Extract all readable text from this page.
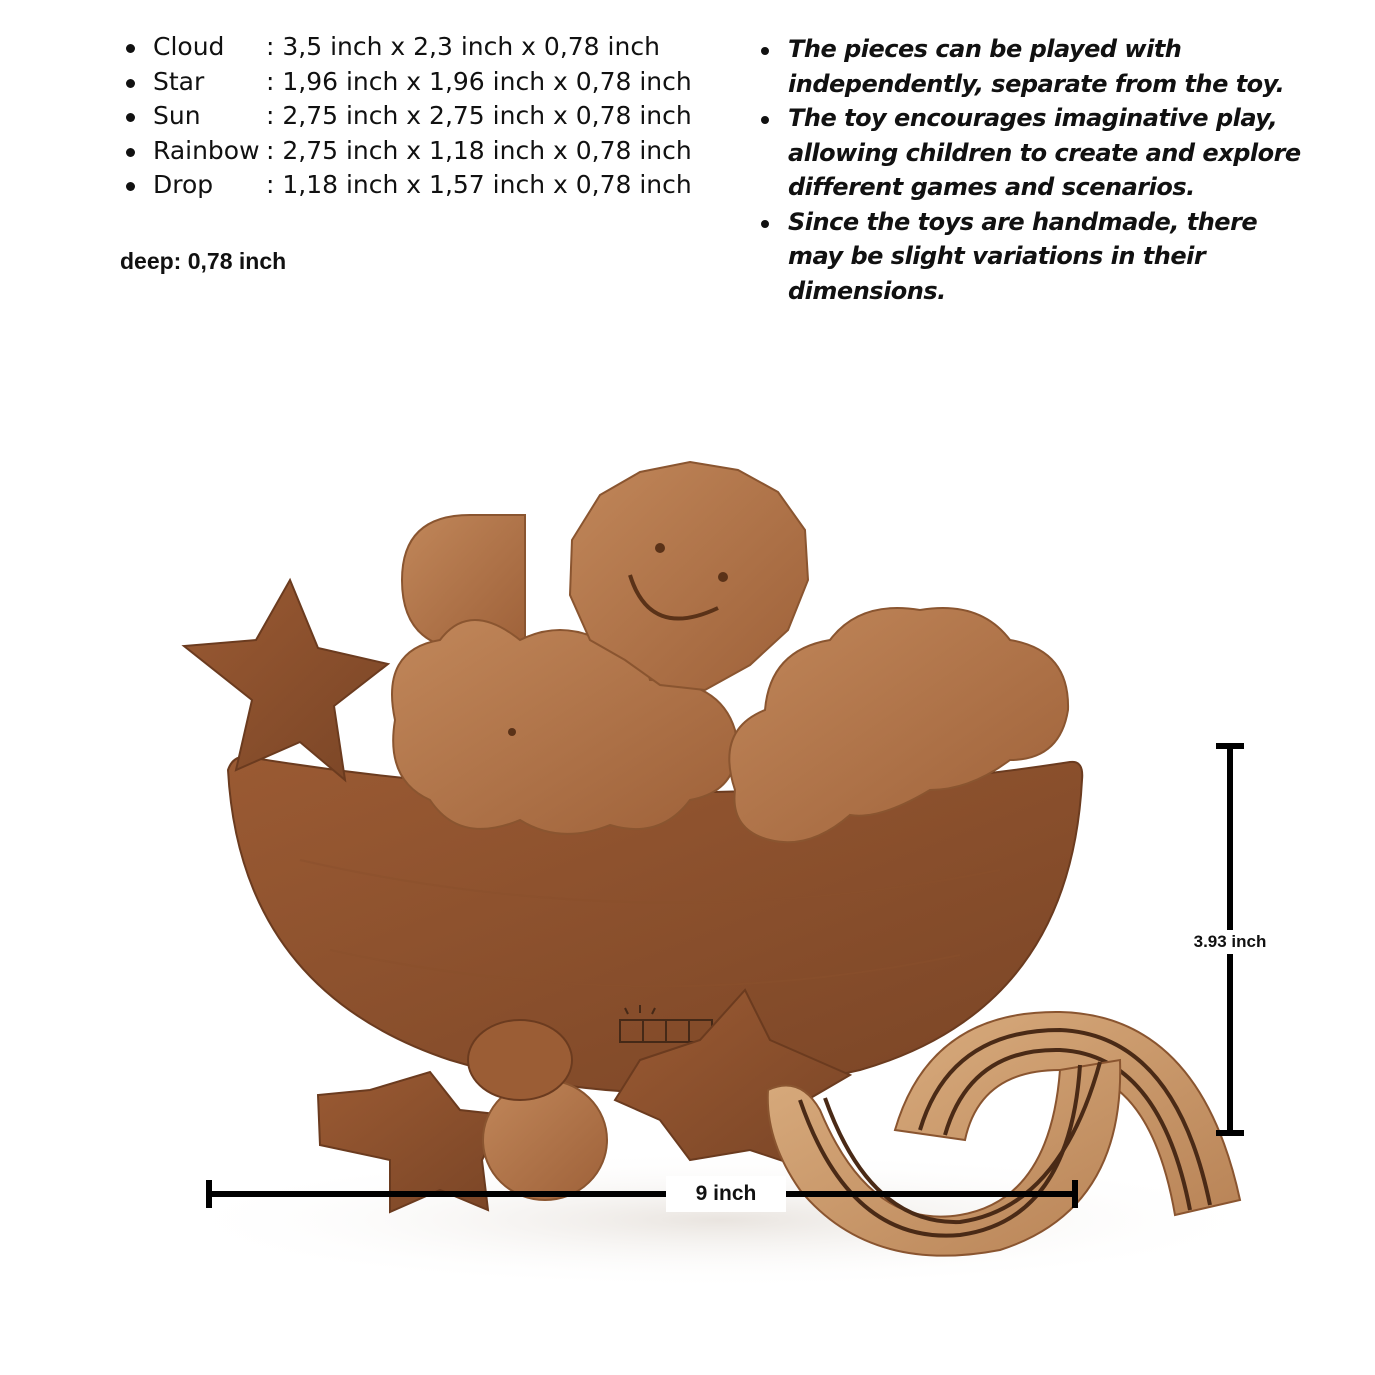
Cloud : 3,5 inch x 2,3 inch x 0,78 inch
Star: 1,96 inch x 1,96 inch x 0,78 inch
Sun	: 2,75 inch x 2,75 inch x 0,78 inch
Rainbow : 2,75 inch x 1,18 inch x 0,78 inch
Drop : 1,18 inch x 1,57 inch x 0,78 inch
deep: 0,78 inch
The pieces can be played with independently, separate from the toy.
The toy encourages imaginative play, allowing children to create and explore different games and scenarios.
Since the toys are handmade, there may be slight variations in their dimensions.
9 inch
3.93 inch
